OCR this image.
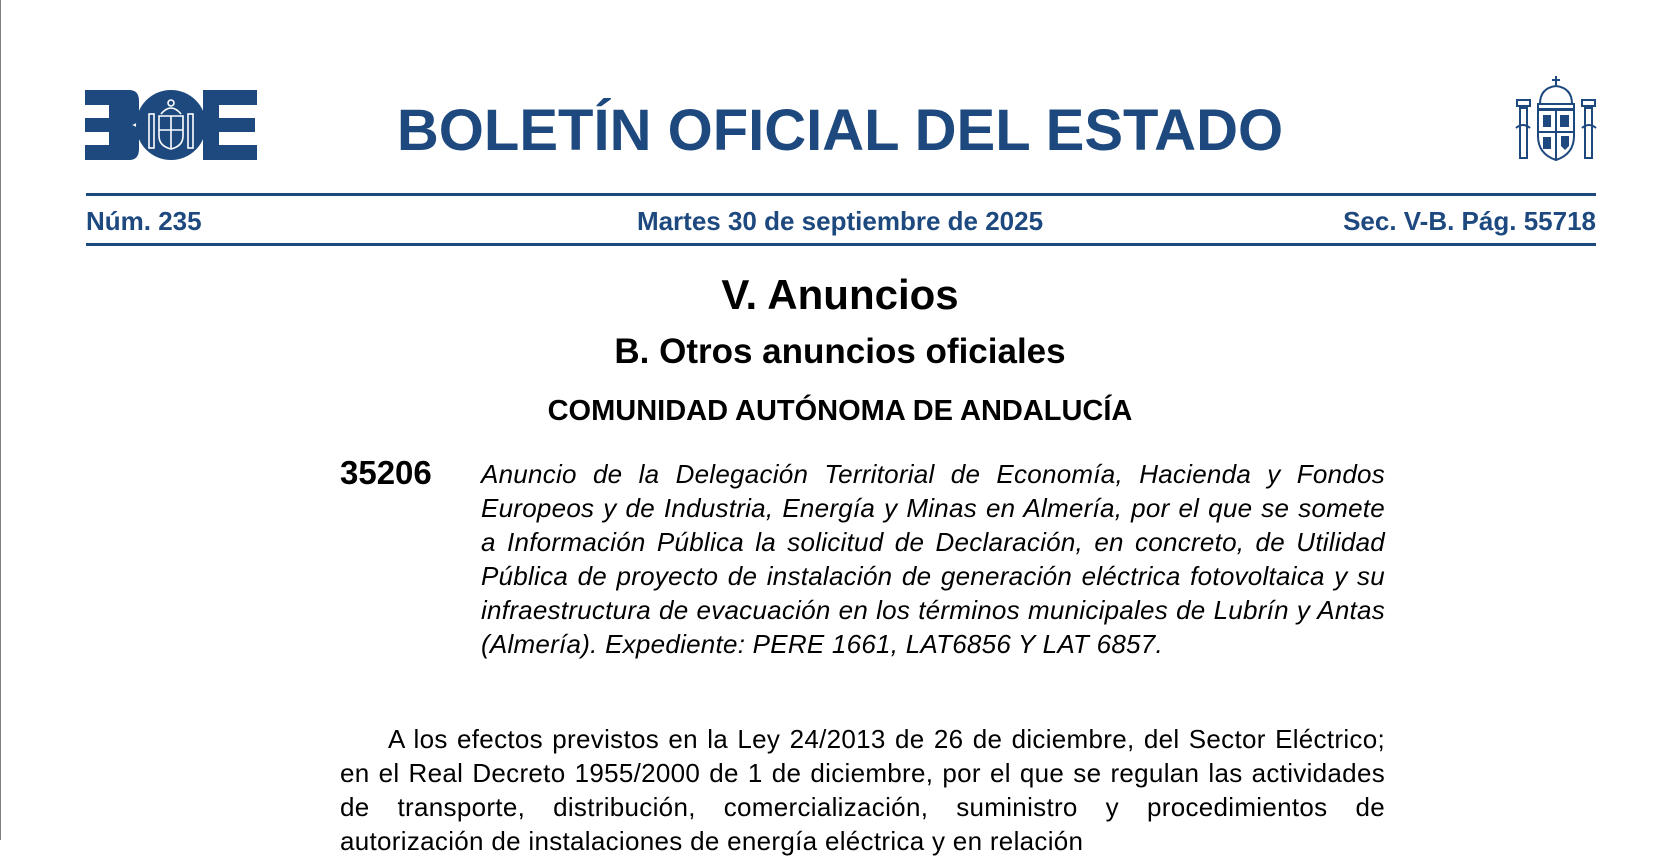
BOLETÍN OFICIAL DEL ESTADO
Núm. 235	Martes 30 de septiembre de 2025	Sec. V-B. Pág. 55718
V. Anuncios
B. Otros anuncios oficiales
COMUNIDAD AUTÓNOMA DE ANDALUCÍA
35206 Anuncio de la Delegación Territorial de Economía, Hacienda y Fondos Europeos y de Industria, Energía y Minas en Almería, por el que se somete a Información Pública la solicitud de Declaración, en concreto, de Utilidad Pública de proyecto de instalación de generación eléctrica fotovoltaica y su infraestructura de evacuación en los términos municipales de Lubrín y Antas (Almería). Expediente: PERE 1661, LAT6856 Y LAT 6857.

A los efectos previstos en la Ley 24/2013 de 26 de diciembre, del Sector Eléctrico; en el Real Decreto 1955/2000 de 1 de diciembre, por el que se regulan las actividades de transporte, distribución, comercialización, suministro y procedimientos de autorización de instalaciones de energía eléctrica y en relación
